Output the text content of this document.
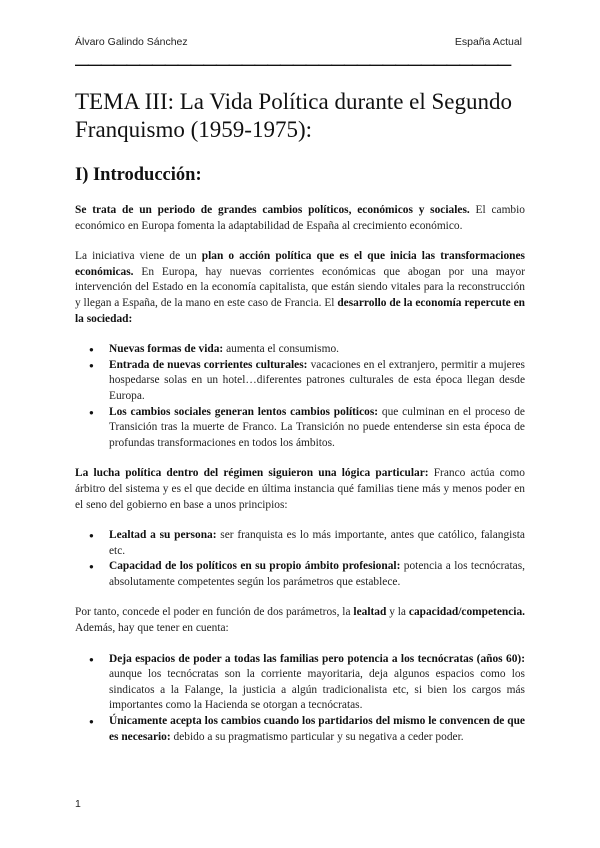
Álvaro Galindo Sánchez	España Actual
——————————————————————————————————
TEMA III: La Vida Política durante el Segundo Franquismo (1959-1975):
I) Introducción:

Se trata de un periodo de grandes cambios políticos, económicos y sociales. El cambio económico en Europa fomenta la adaptabilidad de España al crecimiento económico.

La iniciativa viene de un plan o acción política que es el que inicia las transformaciones económicas. En Europa, hay nuevas corrientes económicas que abogan por una mayor intervención del Estado en la economía capitalista, que están siendo vitales para la reconstrucción y llegan a España, de la mano en este caso de Francia. El desarrollo de la economía repercute en la sociedad:

● Nuevas formas de vida: aumenta el consumismo.
● Entrada de nuevas corrientes culturales: vacaciones en el extranjero, permitir a mujeres hospedarse solas en un hotel…diferentes patrones culturales de esta época llegan desde Europa.
● Los cambios sociales generan lentos cambios políticos: que culminan en el proceso de Transición tras la muerte de Franco. La Transición no puede entenderse sin esta época de profundas transformaciones en todos los ámbitos.

La lucha política dentro del régimen siguieron una lógica particular: Franco actúa como árbitro del sistema y es el que decide en última instancia qué familias tiene más y menos poder en el seno del gobierno en base a unos principios:

● Lealtad a su persona: ser franquista es lo más importante, antes que católico, falangista etc.
● Capacidad de los políticos en su propio ámbito profesional: potencia a los tecnócratas, absolutamente competentes según los parámetros que establece.

Por tanto, concede el poder en función de dos parámetros, la lealtad y la capacidad/competencia. Además, hay que tener en cuenta:

● Deja espacios de poder a todas las familias pero potencia a los tecnócratas (años 60): aunque los tecnócratas son la corriente mayoritaria, deja algunos espacios como los sindicatos a la Falange, la justicia a algún tradicionalista etc, si bien los cargos más importantes como la Hacienda se otorgan a tecnócratas.
● Únicamente acepta los cambios cuando los partidarios del mismo le convencen de que es necesario: debido a su pragmatismo particular y su negativa a ceder poder.
1
